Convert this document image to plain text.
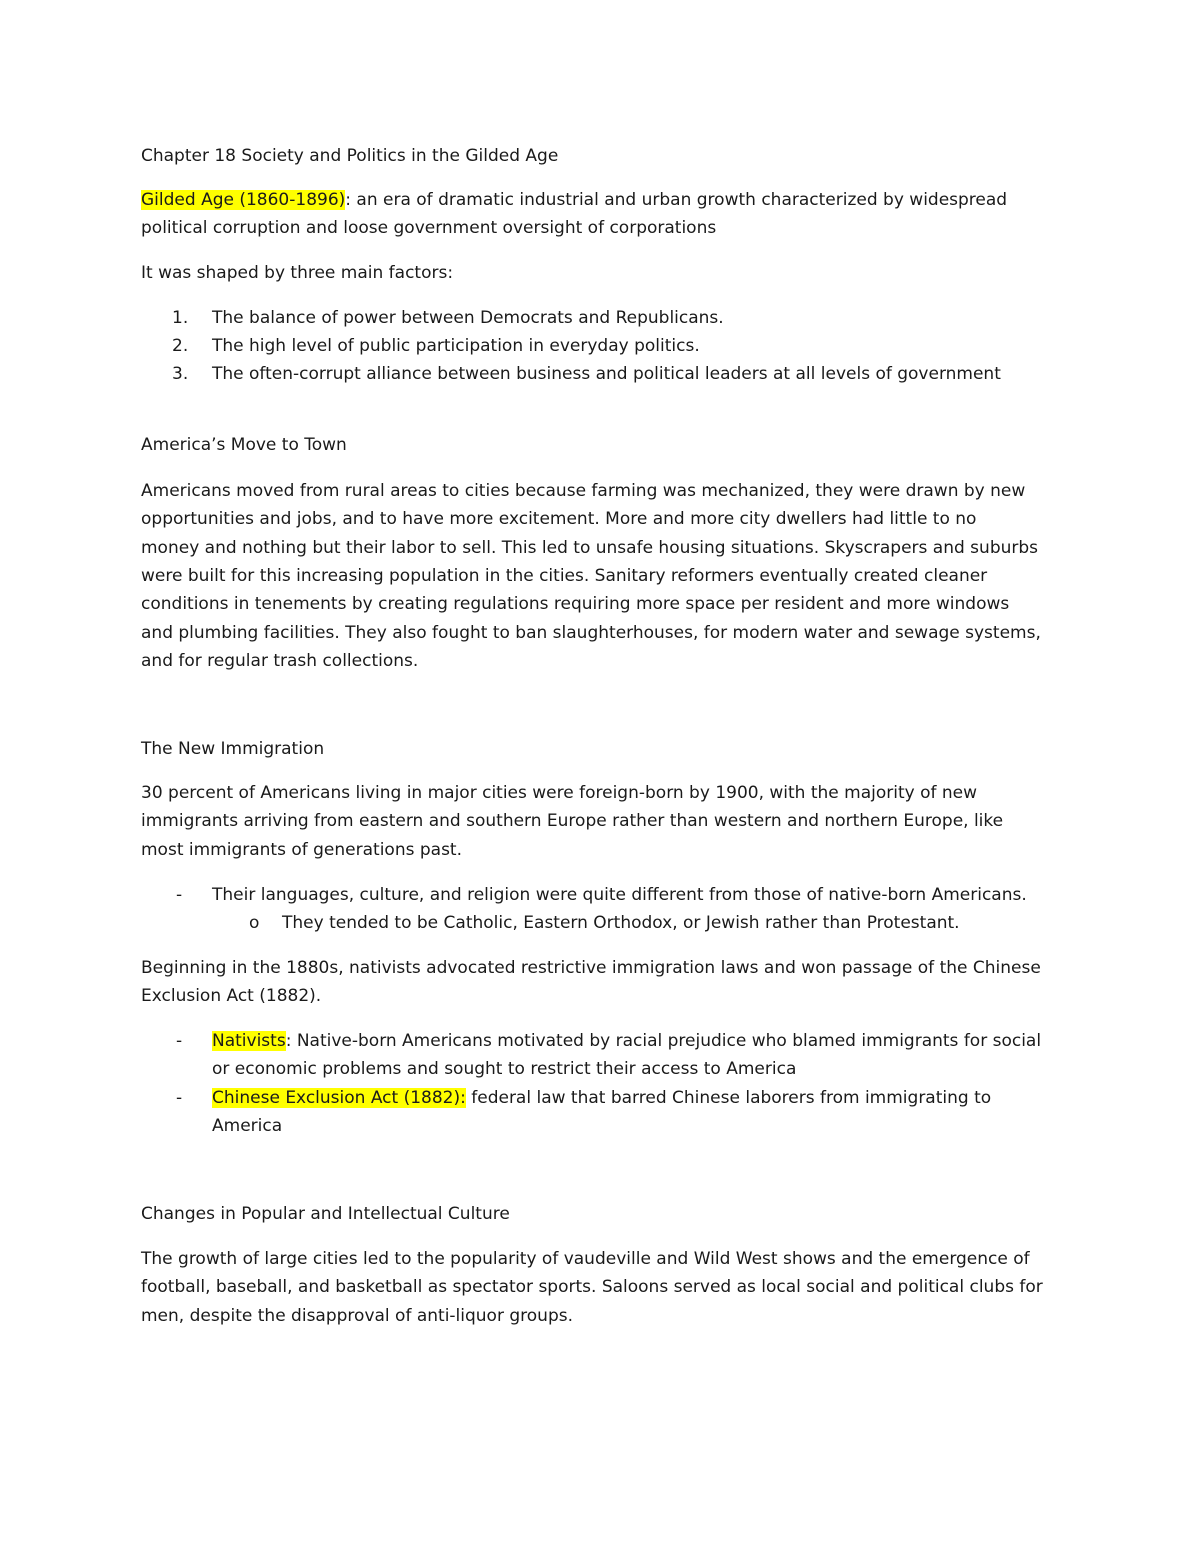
Chapter 18 Society and Politics in the Gilded Age
Gilded Age (1860-1896): an era of dramatic industrial and urban growth characterized by widespread
political corruption and loose government oversight of corporations
It was shaped by three main factors:
1. The balance of power between Democrats and Republicans.
2. The high level of public participation in everyday politics.
3. The often-corrupt alliance between business and political leaders at all levels of government
America’s Move to Town
Americans moved from rural areas to cities because farming was mechanized, they were drawn by new
opportunities and jobs, and to have more excitement. More and more city dwellers had little to no
money and nothing but their labor to sell. This led to unsafe housing situations. Skyscrapers and suburbs
were built for this increasing population in the cities. Sanitary reformers eventually created cleaner
conditions in tenements by creating regulations requiring more space per resident and more windows
and plumbing facilities. They also fought to ban slaughterhouses, for modern water and sewage systems,
and for regular trash collections.
The New Immigration
30 percent of Americans living in major cities were foreign-born by 1900, with the majority of new
immigrants arriving from eastern and southern Europe rather than western and northern Europe, like
most immigrants of generations past.
- Their languages, culture, and religion were quite different from those of native-born Americans.
o They tended to be Catholic, Eastern Orthodox, or Jewish rather than Protestant.
Beginning in the 1880s, nativists advocated restrictive immigration laws and won passage of the Chinese
Exclusion Act (1882).
- Nativists: Native-born Americans motivated by racial prejudice who blamed immigrants for social
or economic problems and sought to restrict their access to America
- Chinese Exclusion Act (1882): federal law that barred Chinese laborers from immigrating to
America
Changes in Popular and Intellectual Culture
The growth of large cities led to the popularity of vaudeville and Wild West shows and the emergence of
football, baseball, and basketball as spectator sports. Saloons served as local social and political clubs for
men, despite the disapproval of anti-liquor groups.
